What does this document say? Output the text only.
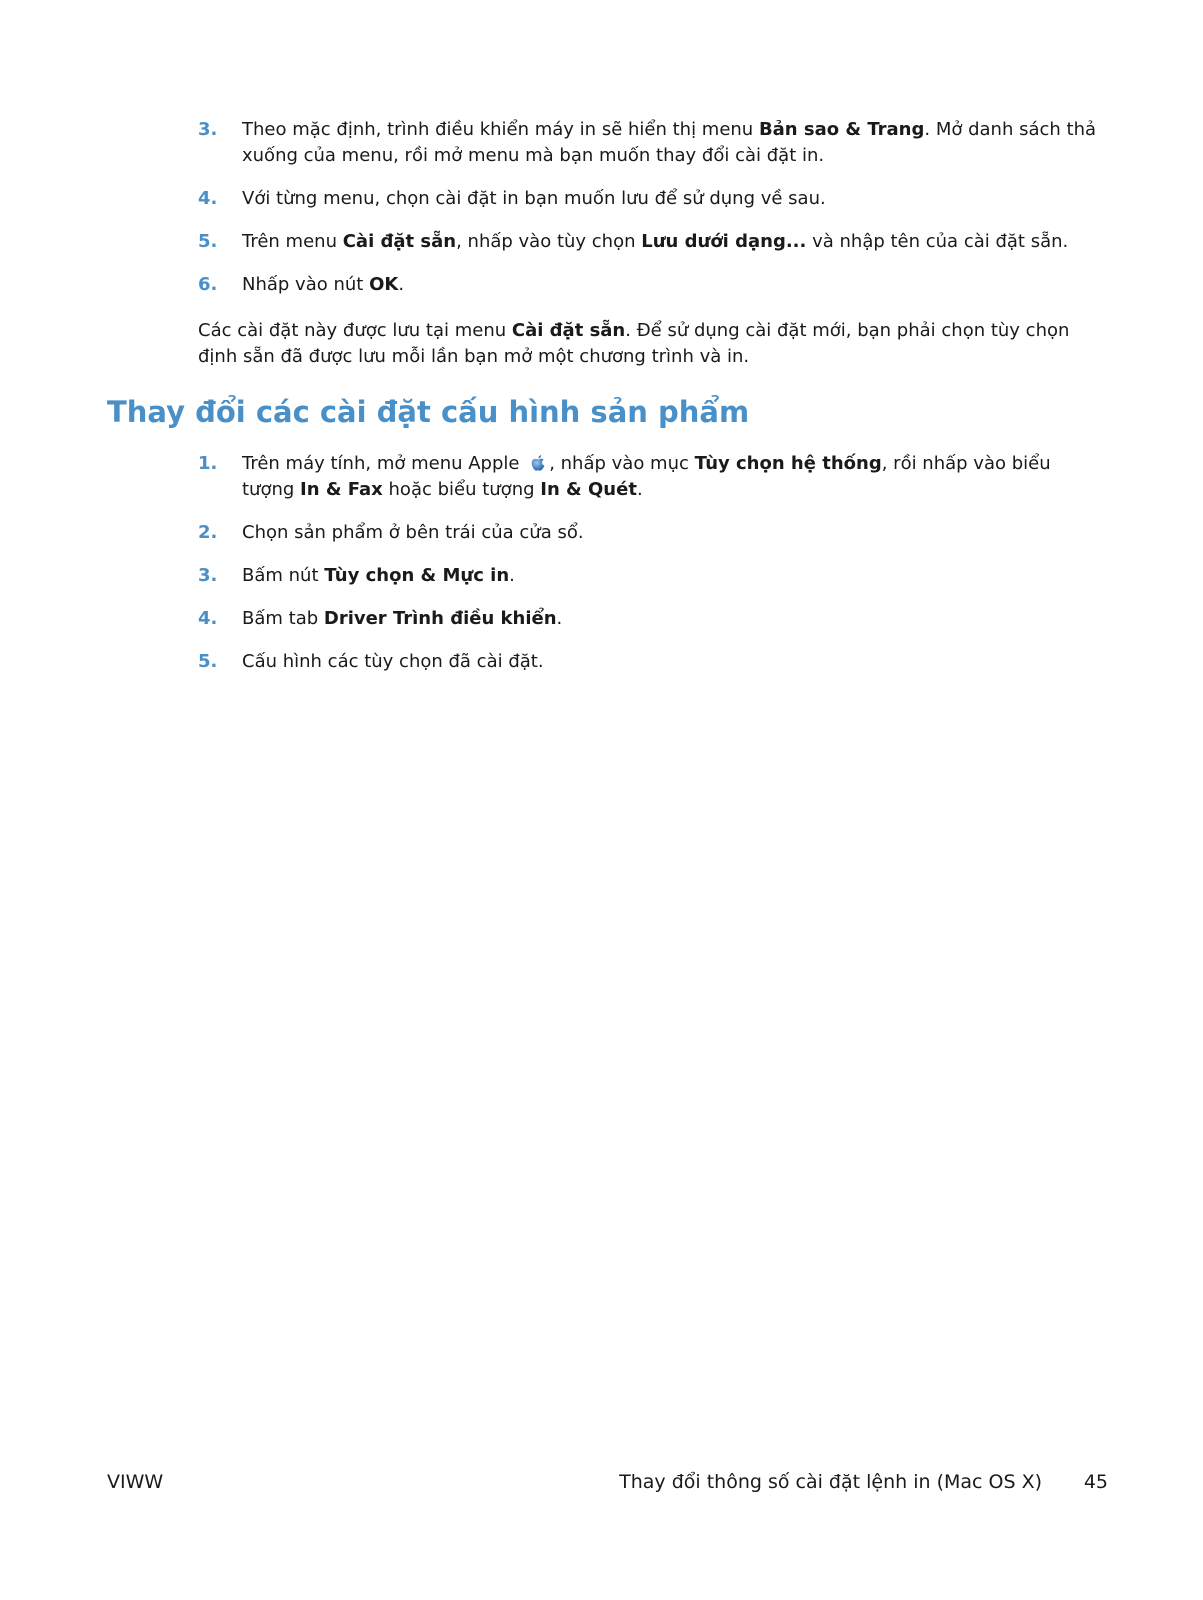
3. Theo mặc định, trình điều khiển máy in sẽ hiển thị menu Bản sao & Trang. Mở danh sách thả xuống của menu, rồi mở menu mà bạn muốn thay đổi cài đặt in.
4. Với từng menu, chọn cài đặt in bạn muốn lưu để sử dụng về sau.
5. Trên menu Cài đặt sẵn, nhấp vào tùy chọn Lưu dưới dạng... và nhập tên của cài đặt sẵn.
6. Nhấp vào nút OK.

Các cài đặt này được lưu tại menu Cài đặt sẵn. Để sử dụng cài đặt mới, bạn phải chọn tùy chọn định sẵn đã được lưu mỗi lần bạn mở một chương trình và in.

Thay đổi các cài đặt cấu hình sản phẩm
1. Trên máy tính, mở menu Apple , nhấp vào mục Tùy chọn hệ thống, rồi nhấp vào biểu tượng In & Fax hoặc biểu tượng In & Quét.
2. Chọn sản phẩm ở bên trái của cửa sổ.
3. Bấm nút Tùy chọn & Mực in.
4. Bấm tab Driver Trình điều khiển.
5. Cấu hình các tùy chọn đã cài đặt.
VIWW	Thay đổi thông số cài đặt lệnh in (Mac OS X) 45
